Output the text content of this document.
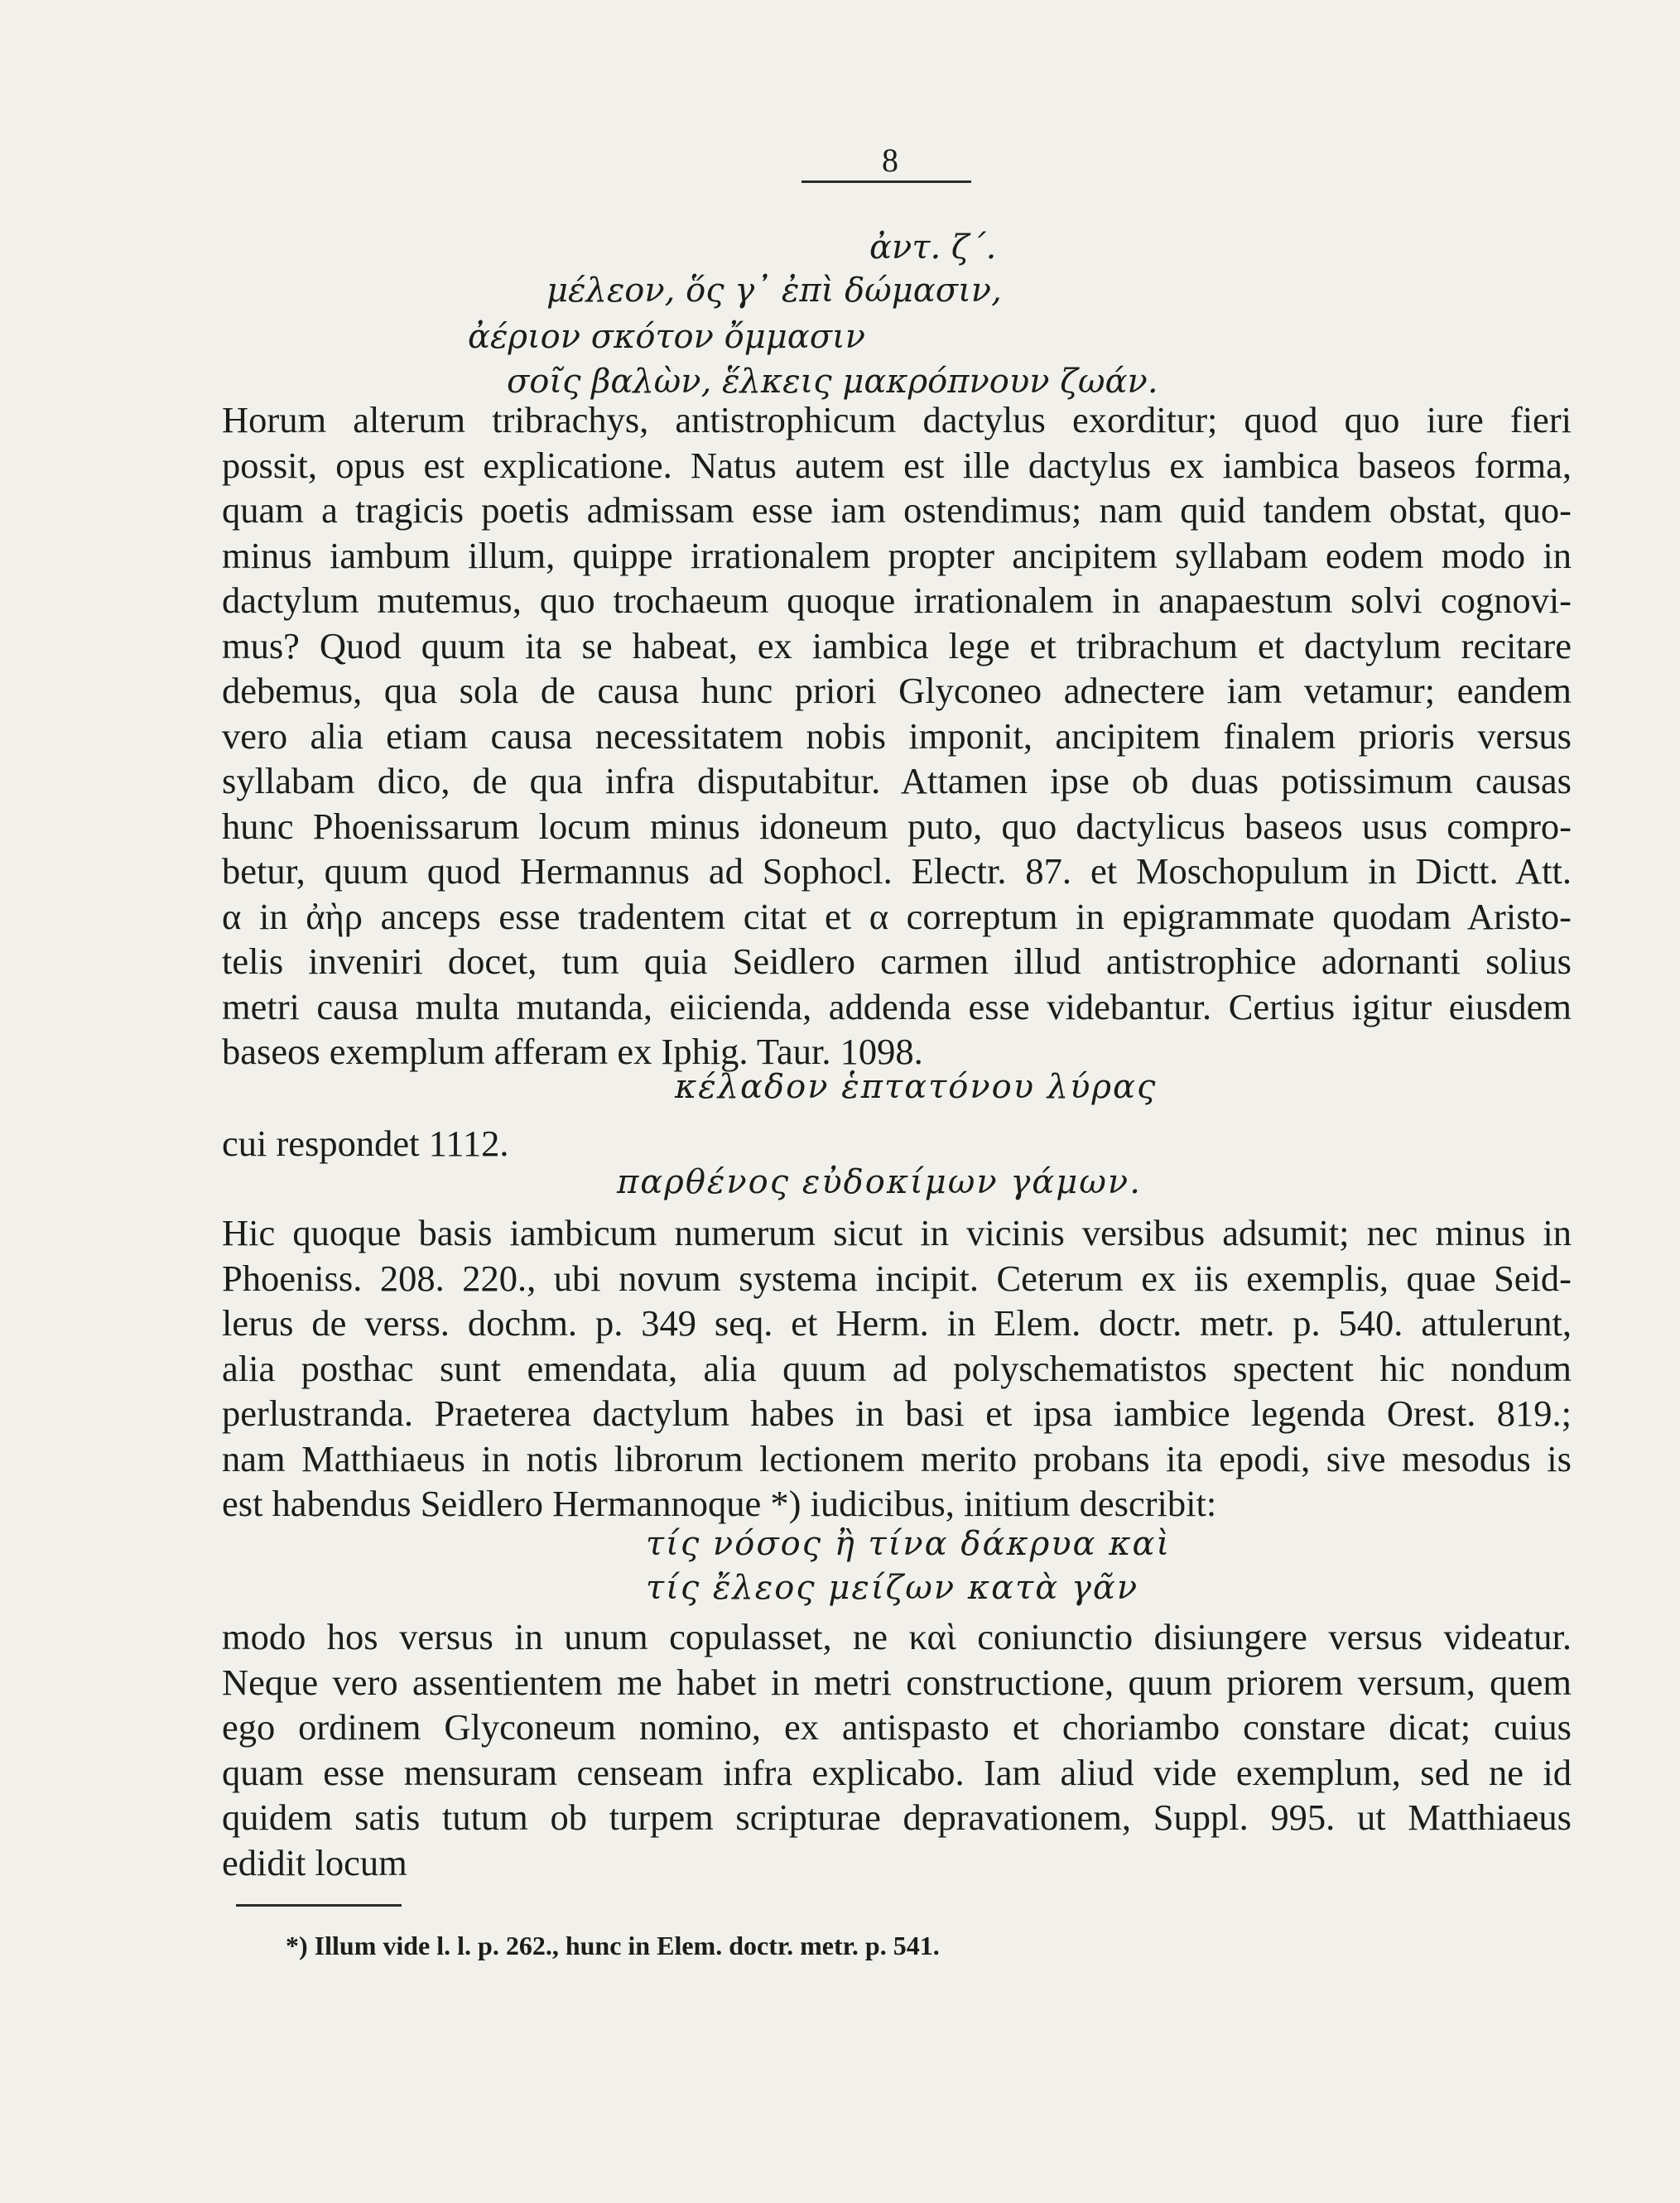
8
ἀντ. ζ΄.
μέλεον, ὅς γ᾽ ἐπὶ δώμασιν,
ἀέριον σκότον ὄμμασιν
σοῖς βαλὼν, ἕλκεις μακρόπνουν ζωάν.
Horum alterum tribrachys, antistrophicum dactylus exorditur; quod quo iure fieri
possit, opus est explicatione. Natus autem est ille dactylus ex iambica baseos forma,
quam a tragicis poetis admissam esse iam ostendimus; nam quid tandem obstat, quo-
minus iambum illum, quippe irrationalem propter ancipitem syllabam eodem modo in
dactylum mutemus, quo trochaeum quoque irrationalem in anapaestum solvi cognovi-
mus? Quod quum ita se habeat, ex iambica lege et tribrachum et dactylum recitare
debemus, qua sola de causa hunc priori Glyconeo adnectere iam vetamur; eandem
vero alia etiam causa necessitatem nobis imponit, ancipitem finalem prioris versus
syllabam dico, de qua infra disputabitur. Attamen ipse ob duas potissimum causas
hunc Phoenissarum locum minus idoneum puto, quo dactylicus baseos usus compro-
betur, quum quod Hermannus ad Sophocl. Electr. 87. et Moschopulum in Dictt. Att.
α in ἀὴρ anceps esse tradentem citat et α correptum in epigrammate quodam Aristo-
telis inveniri docet, tum quia Seidlero carmen illud antistrophice adornanti solius
metri causa multa mutanda, eiicienda, addenda esse videbantur. Certius igitur eiusdem
baseos exemplum afferam ex Iphig. Taur. 1098.
κέλαδον ἑπτατόνου λύρας
cui respondet 1112.
παρθένος εὐδοκίμων γάμων.
Hic quoque basis iambicum numerum sicut in vicinis versibus adsumit; nec minus in
Phoeniss. 208. 220., ubi novum systema incipit. Ceterum ex iis exemplis, quae Seid-
lerus de verss. dochm. p. 349 seq. et Herm. in Elem. doctr. metr. p. 540. attulerunt,
alia posthac sunt emendata, alia quum ad polyschematistos spectent hic nondum
perlustranda. Praeterea dactylum habes in basi et ipsa iambice legenda Orest. 819.;
nam Matthiaeus in notis librorum lectionem merito probans ita epodi, sive mesodus is
est habendus Seidlero Hermannoque *) iudicibus, initium describit:
τίς νόσος ἢ τίνα δάκρυα καὶ
τίς ἔλεος μείζων κατὰ γᾶν
modo hos versus in unum copulasset, ne καὶ coniunctio disiungere versus videatur.
Neque vero assentientem me habet in metri constructione, quum priorem versum, quem
ego ordinem Glyconeum nomino, ex antispasto et choriambo constare dicat; cuius
quam esse mensuram censeam infra explicabo. Iam aliud vide exemplum, sed ne id
quidem satis tutum ob turpem scripturae depravationem, Suppl. 995. ut Matthiaeus
edidit locum
*) Illum vide l. l. p. 262., hunc in Elem. doctr. metr. p. 541.
